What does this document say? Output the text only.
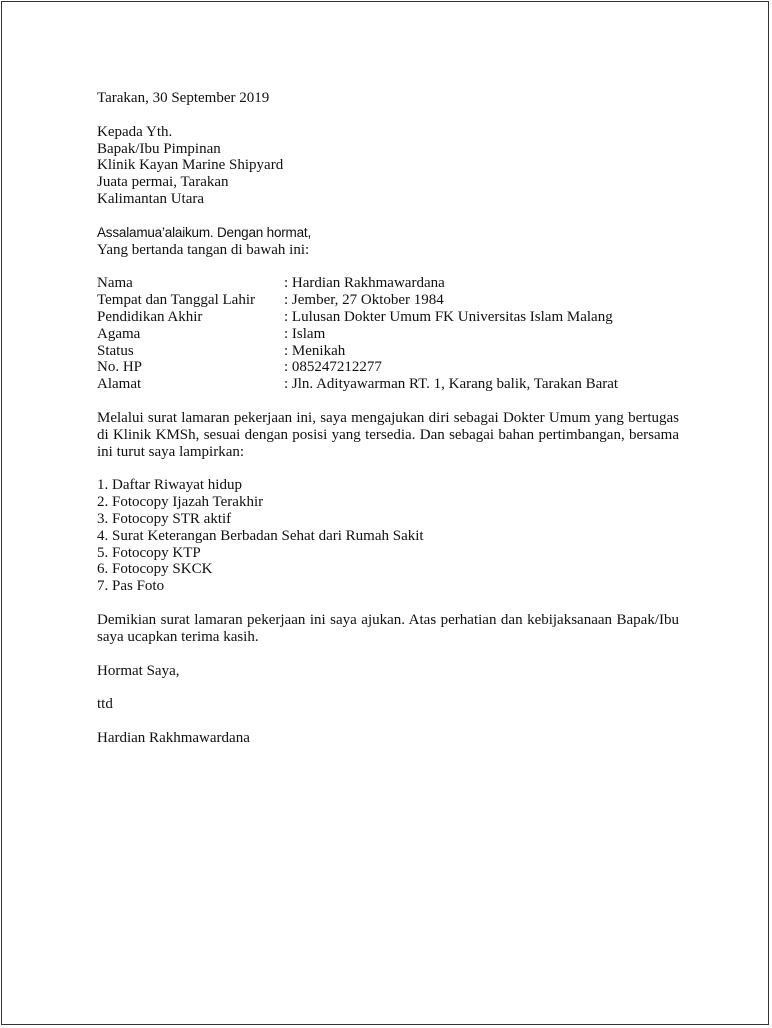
Tarakan, 30 September 2019

Kepada Yth.

Bapak/Ibu Pimpinan

Klinik Kayan Marine Shipyard

Juata permai, Tarakan

Kalimantan Utara

Assalamua’alaikum. Dengan hormat,

Yang bertanda tangan di bawah ini:

Nama	: Hardian Rakhmawardana
Tempat dan Tanggal Lahir	: Jember, 27 Oktober 1984
Pendidikan Akhir	: Lulusan Dokter Umum FK Universitas Islam Malang
Agama	: Islam
Status	: Menikah
No. HP	: 085247212277
Alamat	: Jln. Adityawarman RT. 1, Karang balik, Tarakan Barat

Melalui surat lamaran pekerjaan ini, saya mengajukan diri sebagai Dokter Umum yang bertugas di Klinik KMSh, sesuai dengan posisi yang tersedia. Dan sebagai bahan pertimbangan, bersama ini turut saya lampirkan:

1. Daftar Riwayat hidup
2. Fotocopy Ijazah Terakhir
3. Fotocopy STR aktif
4. Surat Keterangan Berbadan Sehat dari Rumah Sakit
5. Fotocopy KTP
6. Fotocopy SKCK
7. Pas Foto

Demikian surat lamaran pekerjaan ini saya ajukan. Atas perhatian dan kebijaksanaan Bapak/Ibu saya ucapkan terima kasih.

Hormat Saya,

ttd

Hardian Rakhmawardana
